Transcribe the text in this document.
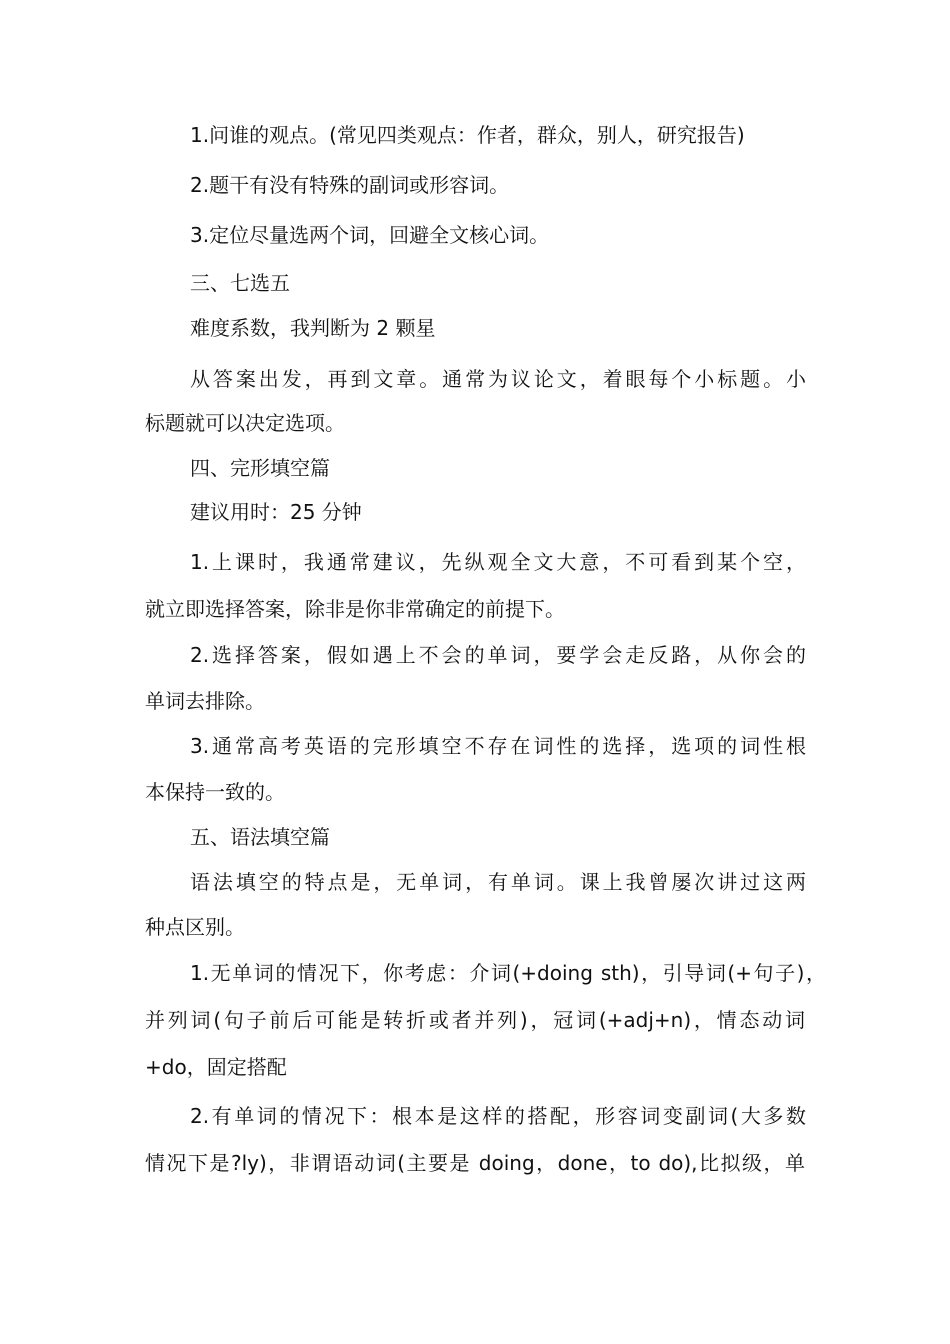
1.问谁的观点。(常见四类观点：作者，群众，别人，研究报告)
2.题干有没有特殊的副词或形容词。
3.定位尽量选两个词，回避全文核心词。
三、七选五
难度系数，我判断为 2 颗星
从答案出发，再到文章。通常为议论文，着眼每个小标题。小
标题就可以决定选项。
四、完形填空篇
建议用时：25 分钟
1.上课时，我通常建议，先纵观全文大意，不可看到某个空，
就立即选择答案，除非是你非常确定的前提下。
2.选择答案，假如遇上不会的单词，要学会走反路，从你会的
单词去排除。
3.通常高考英语的完形填空不存在词性的选择，选项的词性根
本保持一致的。
五、语法填空篇
语法填空的特点是，无单词，有单词。课上我曾屡次讲过这两
种点区别。
1.无单词的情况下，你考虑：介词(+doing sth)，引导词(+句子)，
并列词(句子前后可能是转折或者并列)，冠词(+adj+n)，情态动词
+do，固定搭配
2.有单词的情况下：根本是这样的搭配，形容词变副词(大多数
情况下是?ly)，非谓语动词(主要是 doing，done，to do),比拟级，单
